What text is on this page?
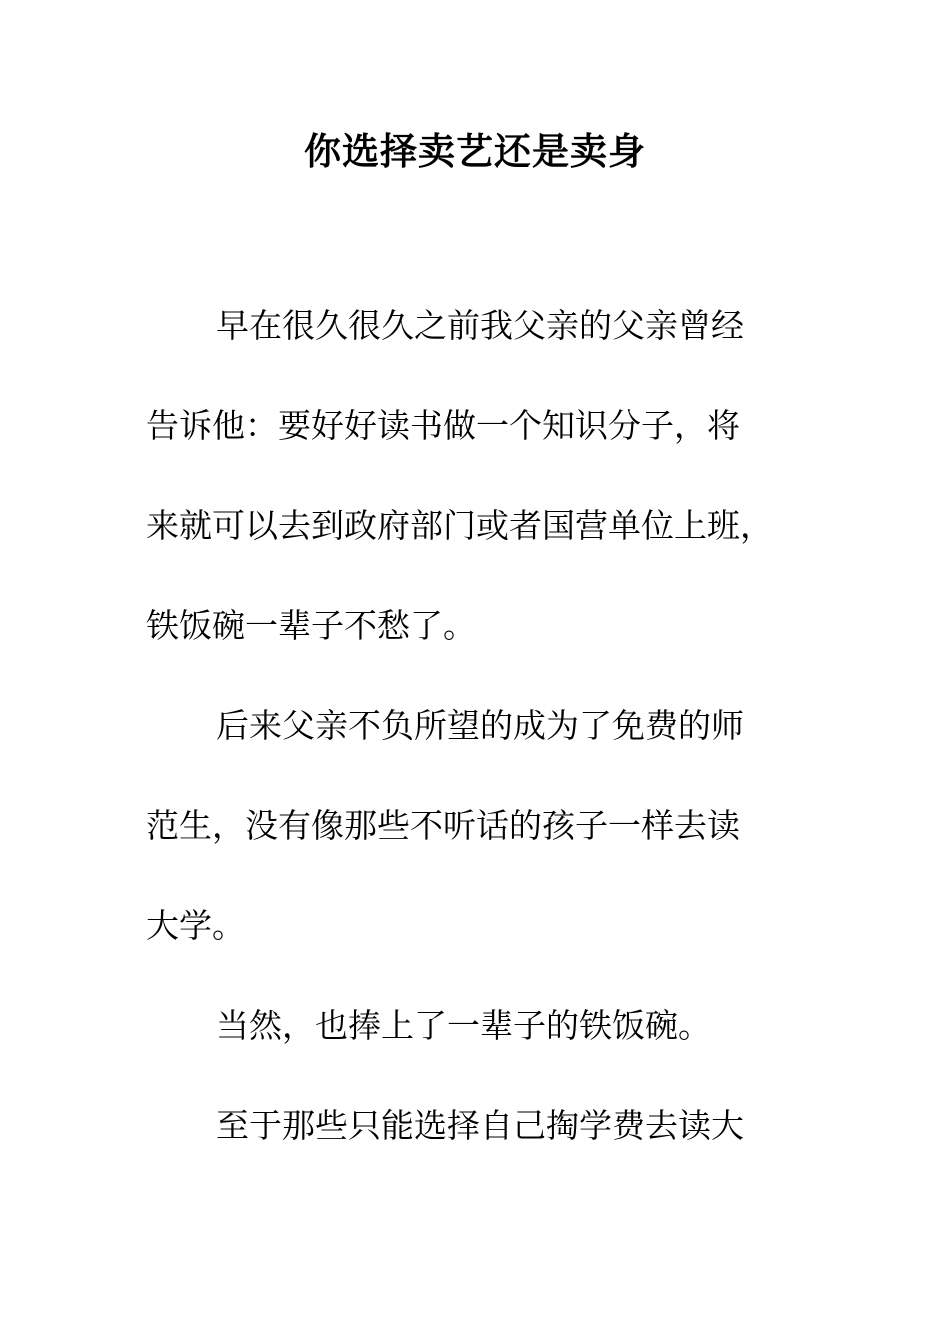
你选择卖艺还是卖身
早在很久很久之前我父亲的父亲曾经
告诉他：要好好读书做一个知识分子，将
来就可以去到政府部门或者国营单位上班，
铁饭碗一辈子不愁了。
后来父亲不负所望的成为了免费的师
范生，没有像那些不听话的孩子一样去读
大学。
当然，也捧上了一辈子的铁饭碗。
至于那些只能选择自己掏学费去读大
